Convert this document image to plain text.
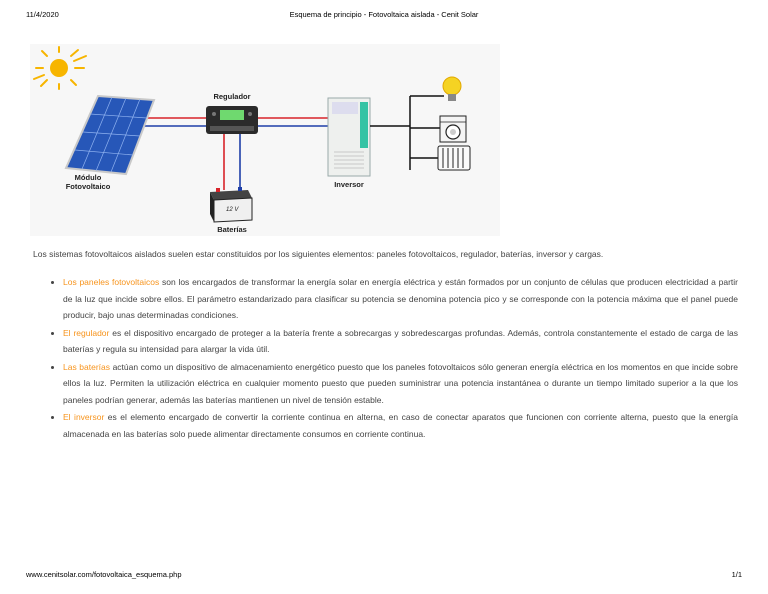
11/4/2020	Esquema de principio - Fotovoltaica aislada - Cenit Solar
Módulo
Fotovoltaico
Regulador
12 V
Baterías
Inversor
Los sistemas fotovoltaicos aislados suelen estar constituidos por los siguientes elementos: paneles fotovoltaicos, regulador, baterías, inversor y cargas.
• Los paneles fotovoltaicos son los encargados de transformar la energía solar en energía eléctrica y están formados por un conjunto de células que producen electricidad a partir de la luz que incide sobre ellos. El parámetro estandarizado para clasificar su potencia se denomina potencia pico y se corresponde con la potencia máxima que el panel puede producir, bajo unas determinadas condiciones.
• El regulador es el dispositivo encargado de proteger a la batería frente a sobrecargas y sobredescargas profundas. Además, controla constantemente el estado de carga de las baterías y regula su intensidad para alargar la vida útil.
• Las baterías actúan como un dispositivo de almacenamiento energético puesto que los paneles fotovoltaicos sólo generan energía eléctrica en los momentos en que incide sobre ellos la luz. Permiten la utilización eléctrica en cualquier momento puesto que pueden suministrar una potencia instantánea o durante un tiempo limitado superior a la que los paneles podrían generar, además las baterías mantienen un nivel de tensión estable.
• El inversor es el elemento encargado de convertir la corriente continua en alterna, en caso de conectar aparatos que funcionen con corriente alterna, puesto que la energía almacenada en las baterías solo puede alimentar directamente consumos en corriente continua.
www.cenitsolar.com/fotovoltaica_esquema.php	1/1
